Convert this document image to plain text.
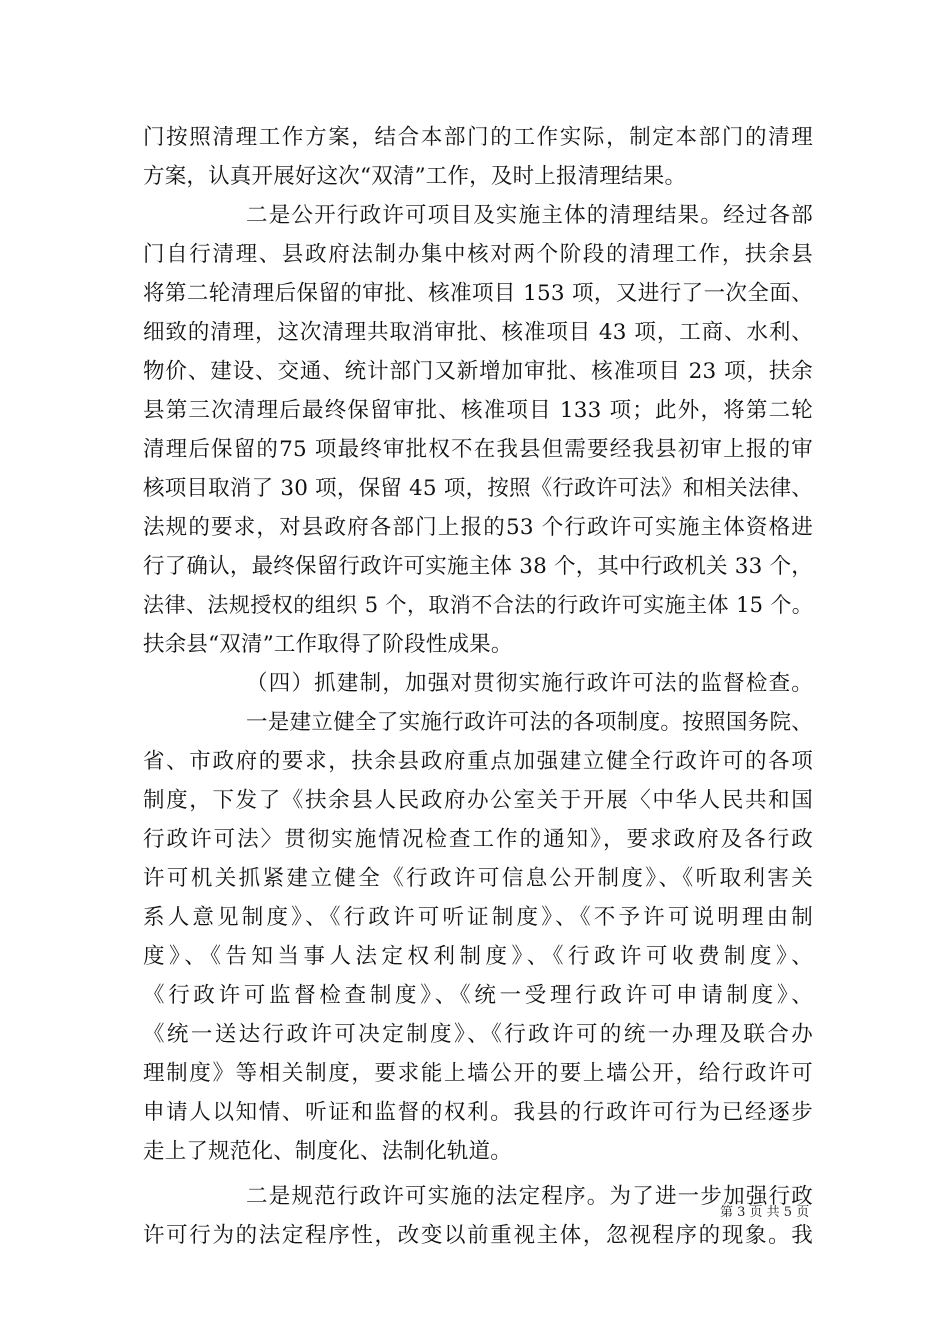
门按照清理工作方案，结合本部门的工作实际，制定本部门的清理
方案，认真开展好这次“双清”工作，及时上报清理结果。
二是公开行政许可项目及实施主体的清理结果。经过各部
门自行清理、县政府法制办集中核对两个阶段的清理工作，扶余县
将第二轮清理后保留的审批、核准项目 153 项，又进行了一次全面、
细致的清理，这次清理共取消审批、核准项目 43 项，工商、水利、
物价、建设、交通、统计部门又新增加审批、核准项目 23 项，扶余
县第三次清理后最终保留审批、核准项目 133 项；此外，将第二轮
清理后保留的75 项最终审批权不在我县但需要经我县初审上报的审
核项目取消了 30 项，保留 45 项，按照《行政许可法》和相关法律、
法规的要求，对县政府各部门上报的53 个行政许可实施主体资格进
行了确认，最终保留行政许可实施主体 38 个，其中行政机关 33 个，
法律、法规授权的组织 5 个，取消不合法的行政许可实施主体 15 个。
扶余县“双清”工作取得了阶段性成果。
（四）抓建制，加强对贯彻实施行政许可法的监督检查。
一是建立健全了实施行政许可法的各项制度。按照国务院、
省、市政府的要求，扶余县政府重点加强建立健全行政许可的各项
制度，下发了《扶余县人民政府办公室关于开展〈中华人民共和国
行政许可法〉贯彻实施情况检查工作的通知》，要求政府及各行政
许可机关抓紧建立健全《行政许可信息公开制度》、《听取利害关
系人意见制度》、《行政许可听证制度》、《不予许可说明理由制
度》、《告知当事人法定权利制度》、《行政许可收费制度》、
《行政许可监督检查制度》、《统一受理行政许可申请制度》、
《统一送达行政许可决定制度》、《行政许可的统一办理及联合办
理制度》等相关制度，要求能上墙公开的要上墙公开，给行政许可
申请人以知情、听证和监督的权利。我县的行政许可行为已经逐步
走上了规范化、制度化、法制化轨道。
二是规范行政许可实施的法定程序。为了进一步加强行政
许可行为的法定程序性，改变以前重视主体，忽视程序的现象。我
第 3 页 共 5 页
